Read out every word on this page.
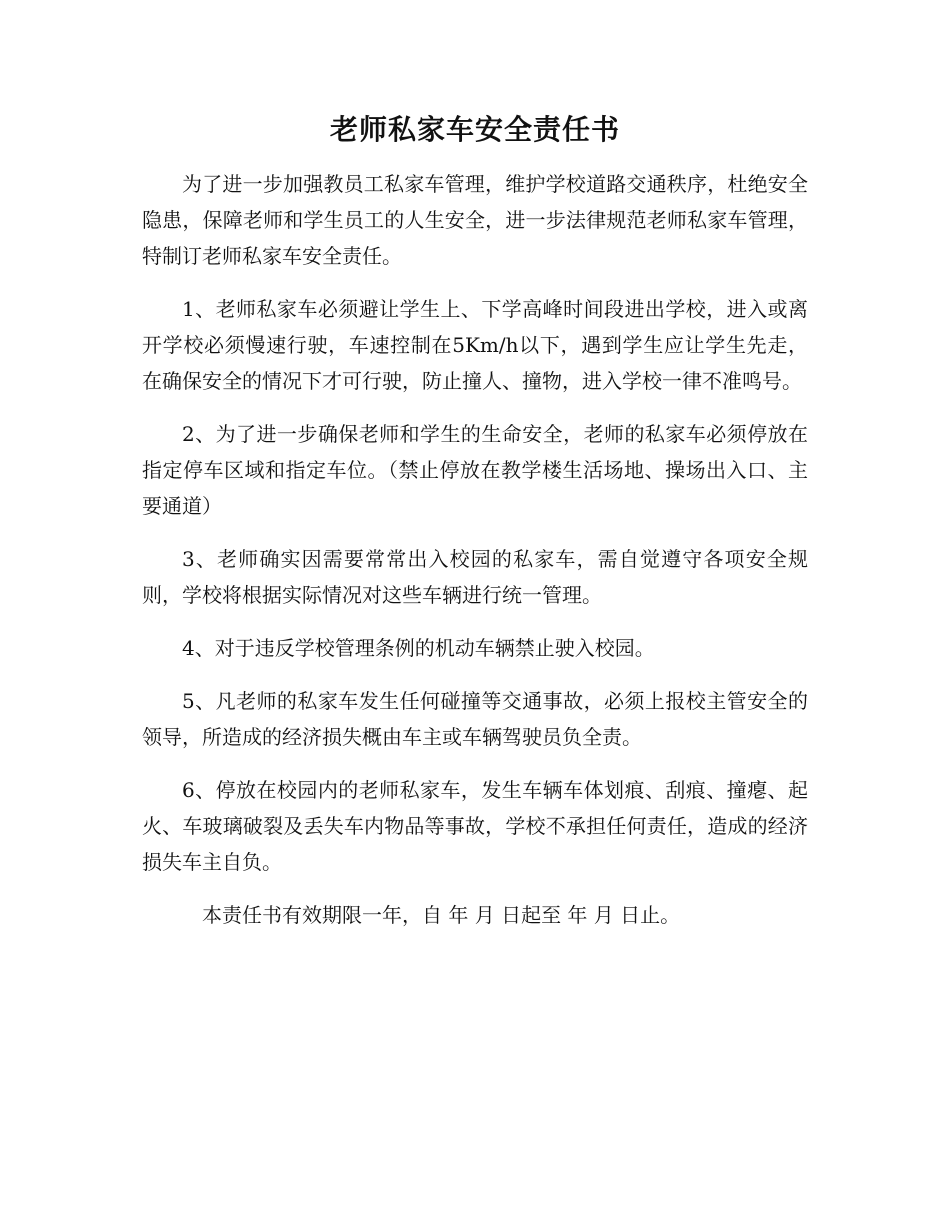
老师私家车安全责任书

为了进一步加强教员工私家车管理，维护学校道路交通秩序，杜绝安全隐患，保障老师和学生员工的人生安全，进一步法律规范老师私家车管理，特制订老师私家车安全责任。

1、老师私家车必须避让学生上、下学高峰时间段进出学校，进入或离开学校必须慢速行驶，车速控制在5Km/h以下，遇到学生应让学生先走，在确保安全的情况下才可行驶，防止撞人、撞物，进入学校一律不准鸣号。

2、为了进一步确保老师和学生的生命安全，老师的私家车必须停放在指定停车区域和指定车位。（禁止停放在教学楼生活场地、操场出入口、主要通道）

3、老师确实因需要常常出入校园的私家车，需自觉遵守各项安全规则，学校将根据实际情况对这些车辆进行统一管理。

4、对于违反学校管理条例的机动车辆禁止驶入校园。

5、凡老师的私家车发生任何碰撞等交通事故，必须上报校主管安全的领导，所造成的经济损失概由车主或车辆驾驶员负全责。

6、停放在校园内的老师私家车，发生车辆车体划痕、刮痕、撞瘪、起火、车玻璃破裂及丢失车内物品等事故，学校不承担任何责任，造成的经济损失车主自负。

本责任书有效期限一年，自 年 月 日起至 年 月 日止。
